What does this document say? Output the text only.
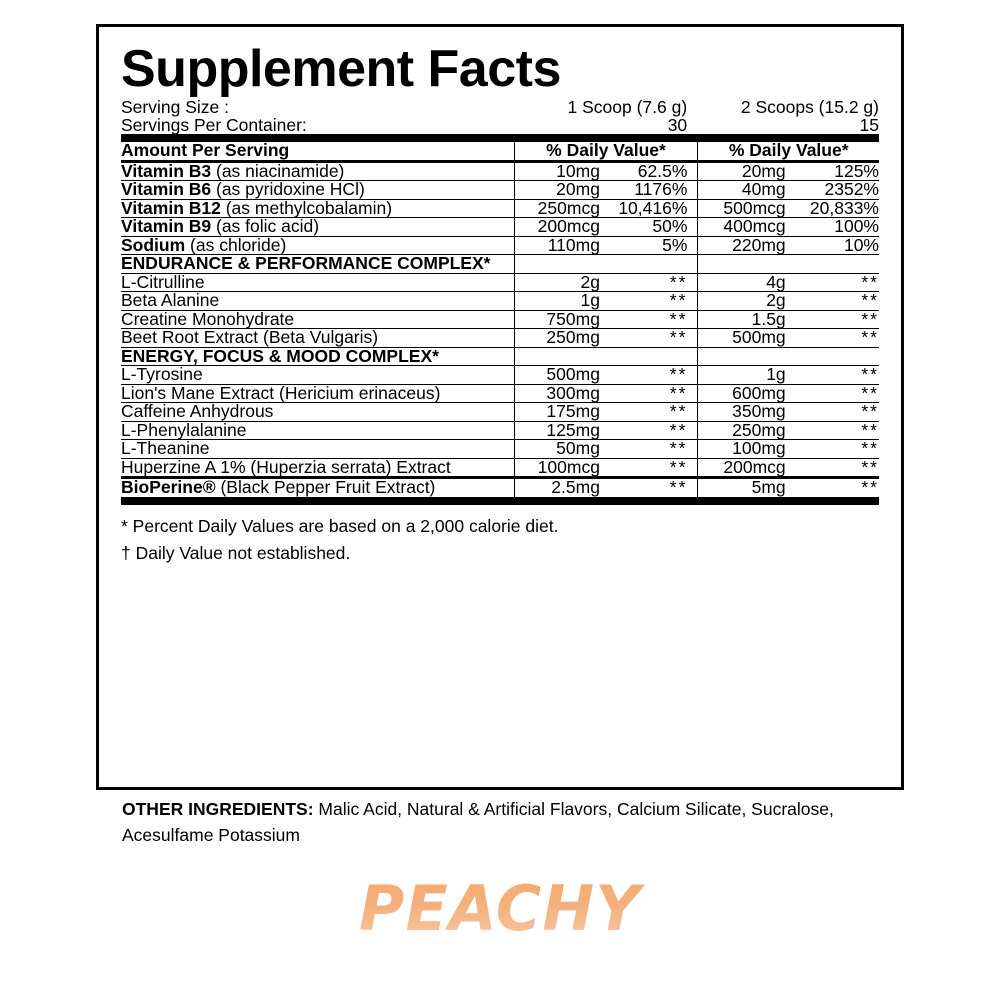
Supplement Facts
Serving Size :	1 Scoop (7.6 g)	2 Scoops (15.2 g)
Servings Per Container:	30	15

Amount Per Serving	% Daily Value*		% Daily Value*	

Vitamin B3 (as niacinamide)	10mg	62.5%	20mg	125%

Vitamin B6 (as pyridoxine HCl)	20mg	1176%	40mg	2352%

Vitamin B12 (as methylcobalamin)	250mcg	10,416%	500mcg	20,833%

Vitamin B9 (as folic acid)	200mcg	50%	400mcg	100%

Sodium (as chloride)	110mg	5%	220mg	10%

ENDURANCE & PERFORMANCE COMPLEX*				

L-Citrulline	2g	**	4g	**

Beta Alanine	1g	**	2g	**

Creatine Monohydrate	750mg	**	1.5g	**

Beet Root Extract (Beta Vulgaris)	250mg	**	500mg	**

ENERGY, FOCUS & MOOD COMPLEX*				

L-Tyrosine	500mg	**	1g	**

Lion's Mane Extract (Hericium erinaceus)	300mg	**	600mg	**

Caffeine Anhydrous	175mg	**	350mg	**

L-Phenylalanine	125mg	**	250mg	**

L-Theanine	50mg	**	100mg	**

Huperzine A 1% (Huperzia serrata) Extract	100mcg	**	200mcg	**

BioPerine® (Black Pepper Fruit Extract)	2.5mg	**	5mg	**

* Percent Daily Values are based on a 2,000 calorie diet.
† Daily Value not established.
OTHER INGREDIENTS: Malic Acid, Natural & Artificial Flavors, Calcium Silicate, Sucralose, Acesulfame Potassium
PEACHY
